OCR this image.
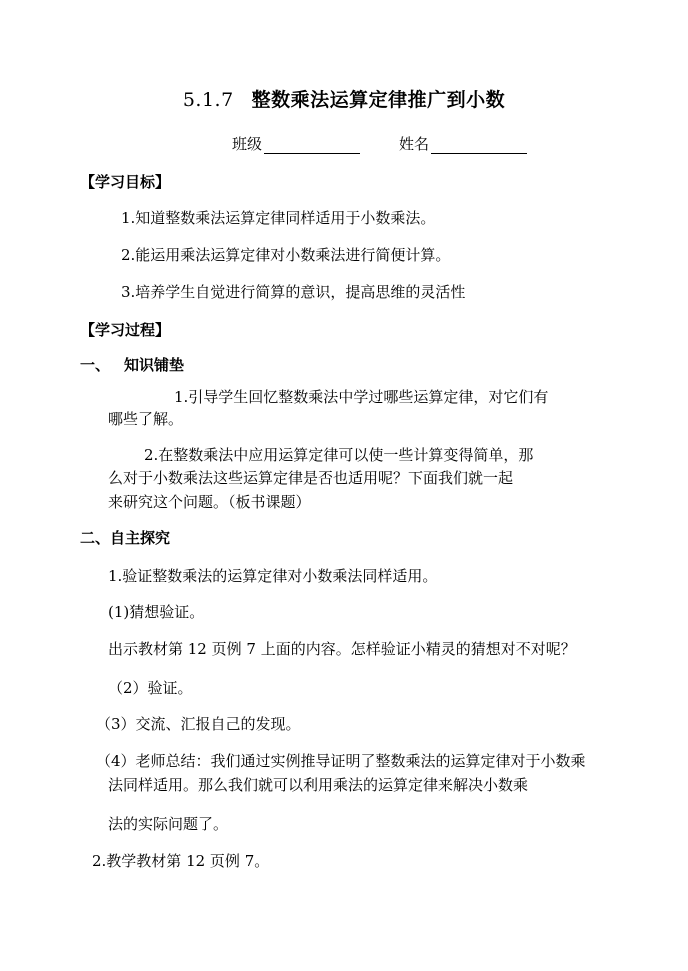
5.1.7 整数乘法运算定律推广到小数
班级	姓名
【学习目标】
1.知道整数乘法运算定律同样适用于小数乘法。
2.能运用乘法运算定律对小数乘法进行简便计算。
3.培养学生自觉进行简算的意识，提高思维的灵活性
【学习过程】
一、 知识铺垫
1.引导学生回忆整数乘法中学过哪些运算定律，对它们有
哪些了解。
2.在整数乘法中应用运算定律可以使一些计算变得简单，那
么对于小数乘法这些运算定律是否也适用呢？下面我们就一起
来研究这个问题。（板书课题）
二、自主探究
1.验证整数乘法的运算定律对小数乘法同样适用。
(1)猜想验证。
出示教材第 12 页例 7 上面的内容。怎样验证小精灵的猜想对不对呢？
（2）验证。
（3）交流、汇报自己的发现。
（4）老师总结：我们通过实例推导证明了整数乘法的运算定律对于小数乘
法同样适用。那么我们就可以利用乘法的运算定律来解决小数乘
法的实际问题了。
2.教学教材第 12 页例 7。
